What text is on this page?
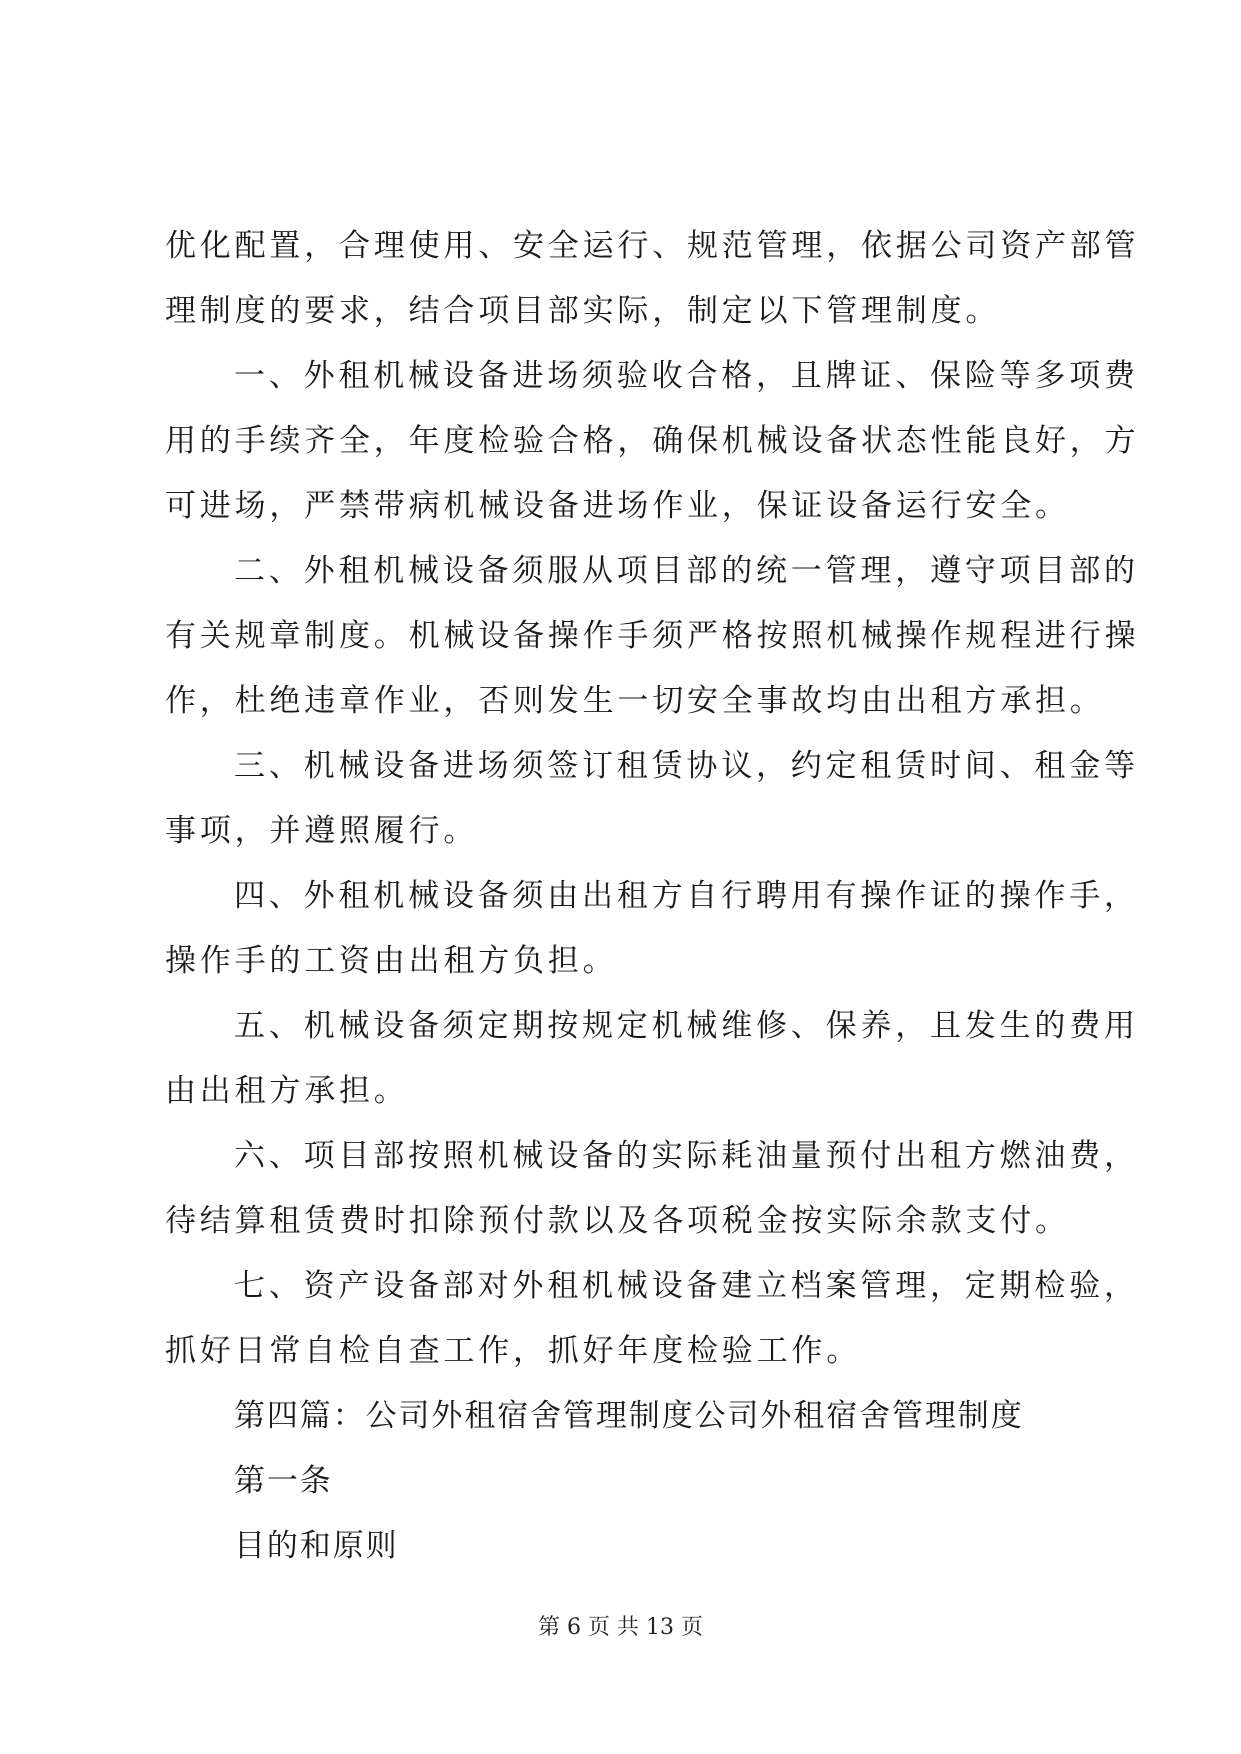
优化配置，合理使用、安全运行、规范管理，依据公司资产部管
理制度的要求，结合项目部实际，制定以下管理制度。
一、外租机械设备进场须验收合格，且牌证、保险等多项费
用的手续齐全，年度检验合格，确保机械设备状态性能良好，方
可进场，严禁带病机械设备进场作业，保证设备运行安全。
二、外租机械设备须服从项目部的统一管理，遵守项目部的
有关规章制度。机械设备操作手须严格按照机械操作规程进行操
作，杜绝违章作业，否则发生一切安全事故均由出租方承担。
三、机械设备进场须签订租赁协议，约定租赁时间、租金等
事项，并遵照履行。
四、外租机械设备须由出租方自行聘用有操作证的操作手，
操作手的工资由出租方负担。
五、机械设备须定期按规定机械维修、保养，且发生的费用
由出租方承担。
六、项目部按照机械设备的实际耗油量预付出租方燃油费，
待结算租赁费时扣除预付款以及各项税金按实际余款支付。
七、资产设备部对外租机械设备建立档案管理，定期检验，
抓好日常自检自查工作，抓好年度检验工作。
第四篇：公司外租宿舍管理制度公司外租宿舍管理制度
第一条
目的和原则
第 6 页 共 13 页
